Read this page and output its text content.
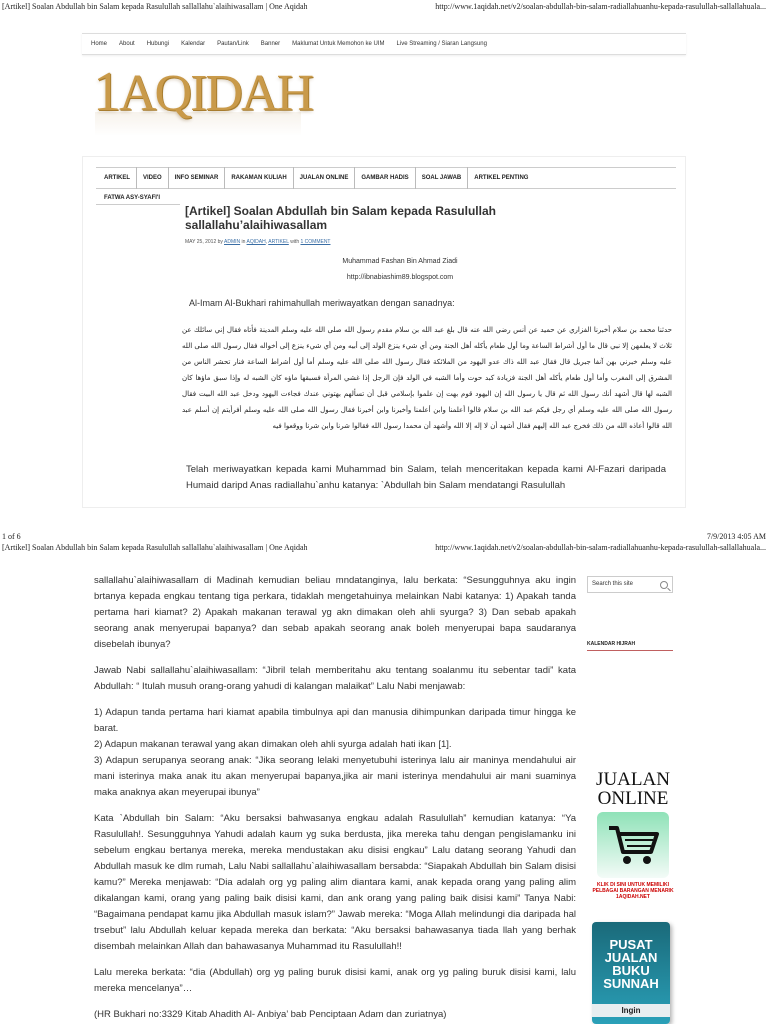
[Artikel] Soalan Abdullah bin Salam kepada Rasulullah sallallahu`alaihiwasallam | One Aqidah	http://www.1aqidah.net/v2/soalan-abdullah-bin-salam-radiallahuanhu-kepada-rasulullah-sallallahuala...
Home About Hubungi Kalendar Pautan/Link Banner Maklumat Untuk Memohon ke UIM Live Streaming / Siaran Langsung
1AQIDAH
ARTIKEL	VIDEO	INFO SEMINAR	RAKAMAN KULIAH	JUALAN ONLINE	GAMBAR HADIS	SOAL JAWAB	ARTIKEL PENTING
FATWA ASY-SYAFI'I
[Artikel] Soalan Abdullah bin Salam kepada Rasulullah sallallahu’alaihiwasallam
MAY 25, 2012 by ADMIN in AQIDAH, ARTIKEL with 1 COMMENT
Muhammad Fashan Bin Ahmad Ziadi
http://ibnabiashim89.blogspot.com
Al-Imam Al-Bukhari rahimahullah meriwayatkan dengan sanadnya:
حدثنا محمد بن سلام أخبرنا الفزاري عن حميد عن أنس رضي الله عنه قال بلغ عبد الله بن سلام مقدم رسول الله صلى الله عليه وسلم المدينة فأتاه فقال إني سائلك عن ثلاث لا يعلمهن إلا نبي قال ما أول أشراط الساعة وما أول طعام يأكله أهل الجنة ومن أي شيء ينزع الولد إلى أبيه ومن أي شيء ينزع إلى أخواله فقال رسول الله صلى الله عليه وسلم خبرني بهن آنفا جبريل قال فقال عبد الله ذاك عدو اليهود من الملائكة فقال رسول الله صلى الله عليه وسلم أما أول أشراط الساعة فنار تحشر الناس من المشرق إلى المغرب وأما أول طعام يأكله أهل الجنة فزيادة كبد حوت وأما الشبه في الولد فإن الرجل إذا غشي المرأة فسبقها ماؤه كان الشبه له وإذا سبق ماؤها كان الشبه لها قال أشهد أنك رسول الله ثم قال يا رسول الله إن اليهود قوم بهت إن علموا بإسلامي قبل أن تسألهم بهتوني عندك فجاءت اليهود ودخل عبد الله البيت فقال رسول الله صلى الله عليه وسلم أي رجل فيكم عبد الله بن سلام قالوا أعلمنا وابن أعلمنا وأخيرنا وابن أخيرنا فقال رسول الله صلى الله عليه وسلم أفرأيتم إن أسلم عبد الله قالوا أعاذه الله من ذلك فخرج عبد الله إليهم فقال أشهد أن لا إله إلا الله وأشهد أن محمدا رسول الله فقالوا شرنا وابن شرنا ووقعوا فيه
Telah meriwayatkan kepada kami Muhammad bin Salam, telah menceritakan kepada kami Al-Fazari daripada Humaid daripd Anas radiallahu`anhu katanya: `Abdullah bin Salam mendatangi Rasulullah
1 of 6	7/9/2013 4:05 AM
[Artikel] Soalan Abdullah bin Salam kepada Rasulullah sallallahu`alaihiwasallam | One Aqidah	http://www.1aqidah.net/v2/soalan-abdullah-bin-salam-radiallahuanhu-kepada-rasulullah-sallallahuala...

sallallahu`alaihiwasallam di Madinah kemudian beliau mndatanginya, lalu berkata: “Sesungguhnya aku ingin brtanya kepada engkau tentang tiga perkara, tidaklah mengetahuinya melainkan Nabi katanya: 1) Apakah tanda pertama hari kiamat? 2) Apakah makanan terawal yg akn dimakan oleh ahli syurga? 3) Dan sebab apakah seorang anak menyerupai bapanya? dan sebab apakah seorang anak boleh menyerupai bapa saudaranya disebelah ibunya?

Jawab Nabi sallallahu`alaihiwasallam: “Jibril telah memberitahu aku tentang soalanmu itu sebentar tadi” kata Abdullah: “ Itulah musuh orang-orang yahudi di kalangan malaikat” Lalu Nabi menjawab:

1) Adapun tanda pertama hari kiamat apabila timbulnya api dan manusia dihimpunkan daripada timur hingga ke barat.
2) Adapun makanan terawal yang akan dimakan oleh ahli syurga adalah hati ikan [1].
3) Adapun serupanya seorang anak: “Jika seorang lelaki menyetubuhi isterinya lalu air maninya mendahului air mani isterinya maka anak itu akan menyerupai bapanya,jika air mani isterinya mendahului air mani suaminya maka anaknya akan meyerupai ibunya”

Kata `Abdullah bin Salam: “Aku bersaksi bahwasanya engkau adalah Rasulullah” kemudian katanya: “Ya Rasulullah!. Sesungguhnya Yahudi adalah kaum yg suka berdusta, jika mereka tahu dengan pengislamanku ini sebelum engkau bertanya mereka, mereka mendustakan aku disisi engkau” Lalu datang seorang Yahudi dan Abdullah masuk ke dlm rumah, Lalu Nabi sallallahu`alaihiwasallam bersabda: “Siapakah Abdullah bin Salam disisi kamu?” Mereka menjawab: “Dia adalah org yg paling alim diantara kami, anak kepada orang yang paling alim dikalangan kami, orang yang paling baik disisi kami, dan ank orang yang paling baik disisi kami” Tanya Nabi: “Bagaimana pendapat kamu jika Abdullah masuk islam?” Jawab mereka: “Moga Allah melindungi dia daripada hal trsebut” lalu Abdullah keluar kepada mereka dan berkata: “Aku bersaksi bahawasanya tiada llah yang berhak disembah melainkan Allah dan bahawasanya Muhammad itu Rasulullah!!

Lalu mereka berkata: “dia (Abdullah) org yg paling buruk disisi kami, anak org yg paling buruk disisi kami, lalu mereka mencelanya”…

(HR Bukhari no:3329 Kitab Ahadith Al- Anbiya’ bab Penciptaan Adam dan zuriatnya)

Search this site
KALENDAR HIJRAH
JUALAN
ONLINE
KLIK DI SINI UNTUK MEMILIKI PELBAGAI BARANGAN MENARIK 1AQIDAH.NET
PUSAT
JUALAN
BUKU
SUNNAH
Ingin
